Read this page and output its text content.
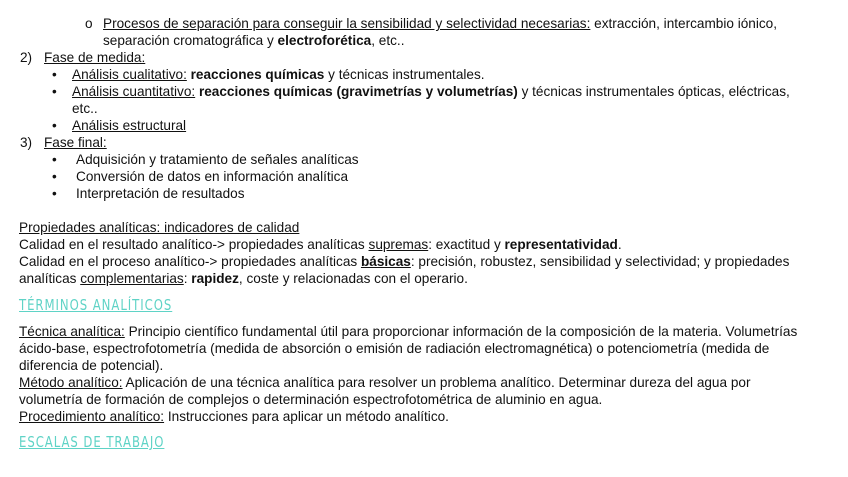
o Procesos de separación para conseguir la sensibilidad y selectividad necesarias: extracción, intercambio iónico,
separación cromatográfica y electroforética, etc..
2) Fase de medida:
• Análisis cualitativo: reacciones químicas y técnicas instrumentales.
• Análisis cuantitativo: reacciones químicas (gravimetrías y volumetrías) y técnicas instrumentales ópticas, eléctricas,
etc..
• Análisis estructural
3) Fase final:
• Adquisición y tratamiento de señales analíticas
• Conversión de datos en información analítica
• Interpretación de resultados
Propiedades analíticas: indicadores de calidad
Calidad en el resultado analítico-> propiedades analíticas supremas: exactitud y representatividad.
Calidad en el proceso analítico-> propiedades analíticas básicas: precisión, robustez, sensibilidad y selectividad; y propiedades
analíticas complementarias: rapidez, coste y relacionadas con el operario.
TÉRMINOS ANALÍTICOS
Técnica analítica: Principio científico fundamental útil para proporcionar información de la composición de la materia. Volumetrías
ácido-base, espectrofotometría (medida de absorción o emisión de radiación electromagnética) o potenciometría (medida de
diferencia de potencial).
Método analítico: Aplicación de una técnica analítica para resolver un problema analítico. Determinar dureza del agua por
volumetría de formación de complejos o determinación espectrofotométrica de aluminio en agua.
Procedimiento analítico: Instrucciones para aplicar un método analítico.
ESCALAS DE TRABAJO
